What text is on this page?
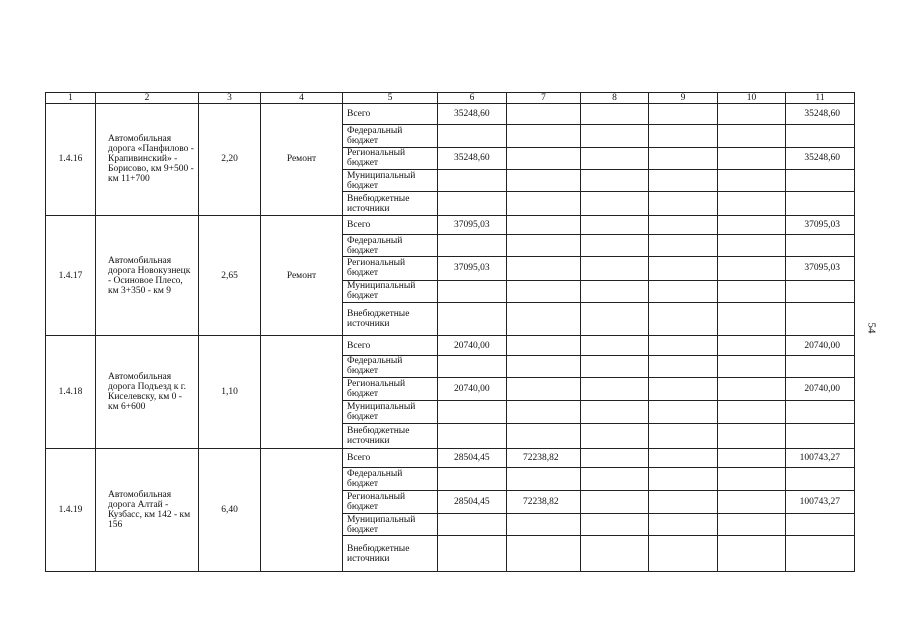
1	2	3	4	5	6	7	8	9	10	11
1.4.16	Автомобильная дорога «Панфилово - Крапивинский» - Борисово, км 9+500 - км 11+700	2,20	Ремонт	Всего	35248,60					35248,60
				Федеральный бюджет						
				Региональный бюджет	35248,60					35248,60
				Муниципальный бюджет						
				Внебюджетные источники						
1.4.17	Автомобильная дорога Новокузнецк - Осиновое Плесо, км 3+350 - км 9	2,65	Ремонт	Всего	37095,03					37095,03
				Федеральный бюджет						
				Региональный бюджет	37095,03					37095,03
				Муниципальный бюджет						
				Внебюджетные источники						
1.4.18	Автомобильная дорога Подъезд к г. Киселевску, км 0 - км 6+600	1,10		Всего	20740,00					20740,00
				Федеральный бюджет						
				Региональный бюджет	20740,00					20740,00
				Муниципальный бюджет						
				Внебюджетные источники						
1.4.19	Автомобильная дорога Алтай - Кузбасс, км 142 - км 156	6,40		Всего	28504,45	72238,82				100743,27
				Федеральный бюджет						
				Региональный бюджет	28504,45	72238,82				100743,27
				Муниципальный бюджет						
				Внебюджетные источники						
54
